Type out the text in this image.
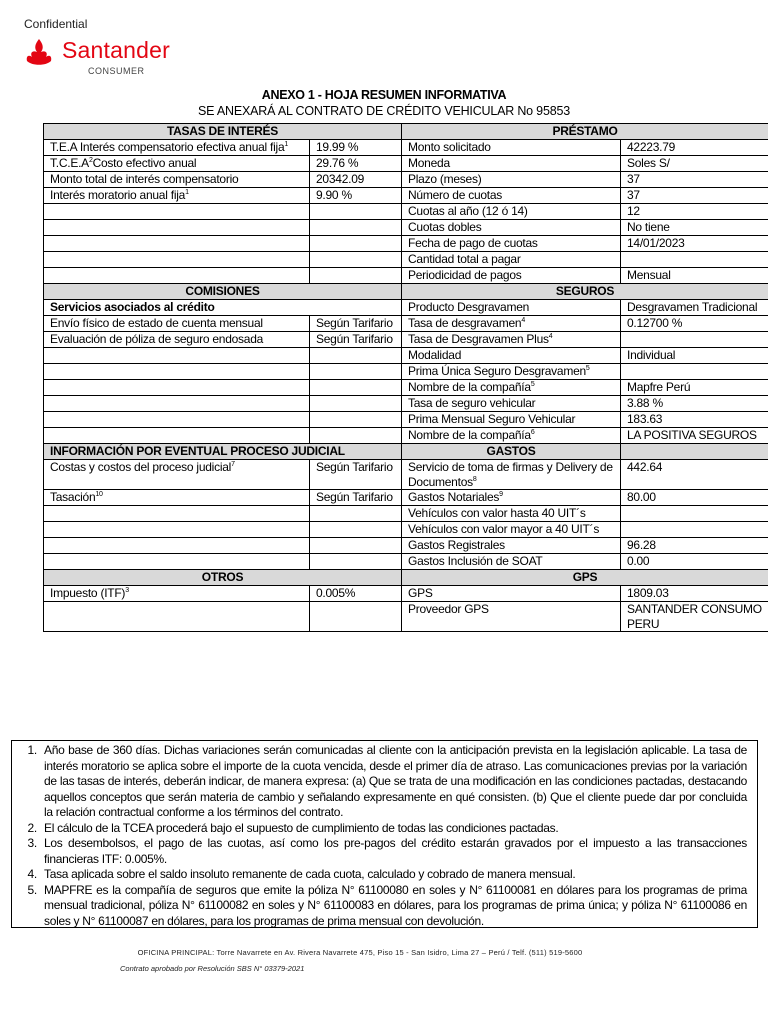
Confidential
Santander
CONSUMER
ANEXO 1 - HOJA RESUMEN INFORMATIVA
SE ANEXARÁ AL CONTRATO DE CRÉDITO VEHICULAR No 95853
TASAS DE INTERÉS		PRÉSTAMO	
T.E.A Interés compensatorio efectiva anual fija$^1$	19.99 %	Monto solicitado	42223.79
$T.C.E.A^2Costo$ efectivo anual	29.76 %	Moneda	Soles S/
Monto total de interés compensatorio	20342.09	Plazo (meses)	37
Interés moratorio anual fija$^1$	9.90 %	Número de cuotas	37
		Cuotas al año (12 ó 14)	12
		Cuotas dobles	No tiene
		Fecha de pago de cuotas	14/01/2023
		Cantidad total a pagar	
		Periodicidad de pagos	Mensual
COMISIONES		SEGUROS	
Servicios asociados al crédito		Producto Desgravamen	Desgravamen Tradicional
Envío físico de estado de cuenta mensual	Según Tarifario	Tasa de desgravamen$^4$	0.12700 %
Evaluación de póliza de seguro endosada	Según Tarifario	Tasa de Desgravamen Plus$^4$	
		Modalidad	Individual
		Prima Única Seguro Desgravamen$^5$	
		Nombre de la compañía$^5$	Mapfre Perú
		Tasa de seguro vehicular	3.88 %
		Prima Mensual Seguro Vehicular	183.63
		Nombre de la compañía$^6$	LA POSITIVA SEGUROS
INFORMACIÓN POR EVENTUAL PROCESO JUDICIAL		GASTOS	
Costas y costos del proceso judicial$^7$	Según Tarifario	Servicio de toma de firmas y Delivery de Documentos$^8$	442.64
Tasación$^{10}$	Según Tarifario	Gastos Notariales$^9$	80.00
		Vehículos con valor hasta 40 UIT´s	
		Vehículos con valor mayor a 40 UIT´s	
		Gastos Registrales	96.28
		Gastos Inclusión de SOAT	0.00
OTROS		GPS	
Impuesto (ITF)$^3$	0.005%	GPS	1809.03
		Proveedor GPS	SANTANDER CONSUMO PERU
1. Año base de 360 días. Dichas variaciones serán comunicadas al cliente con la anticipación prevista en la legislación aplicable. La tasa de interés moratorio se aplica sobre el importe de la cuota vencida, desde el primer día de atraso. Las comunicaciones previas por la variación de las tasas de interés, deberán indicar, de manera expresa: (a) Que se trata de una modificación en las condiciones pactadas, destacando aquellos conceptos que serán materia de cambio y señalando expresamente en qué consisten. (b) Que el cliente puede dar por concluida la relación contractual conforme a los términos del contrato.
2. El cálculo de la TCEA procederá bajo el supuesto de cumplimiento de todas las condiciones pactadas.
3. Los desembolsos, el pago de las cuotas, así como los pre-pagos del crédito estarán gravados por el impuesto a las transacciones financieras ITF: 0.005%.
4. Tasa aplicada sobre el saldo insoluto remanente de cada cuota, calculado y cobrado de manera mensual.
5. MAPFRE es la compañía de seguros que emite la póliza N° 61100080 en soles y N° 61100081 en dólares para los programas de prima mensual tradicional, póliza N° 61100082 en soles y N° 61100083 en dólares, para los programas de prima única; y póliza N° 61100086 en soles y N° 61100087 en dólares, para los programas de prima mensual con devolución.
OFICINA PRINCIPAL: Torre Navarrete en Av. Rivera Navarrete 475, Piso 15 - San Isidro, Lima 27 – Perú / Telf. (511) 519-5600
Contrato aprobado por Resolución SBS N° 03379-2021
